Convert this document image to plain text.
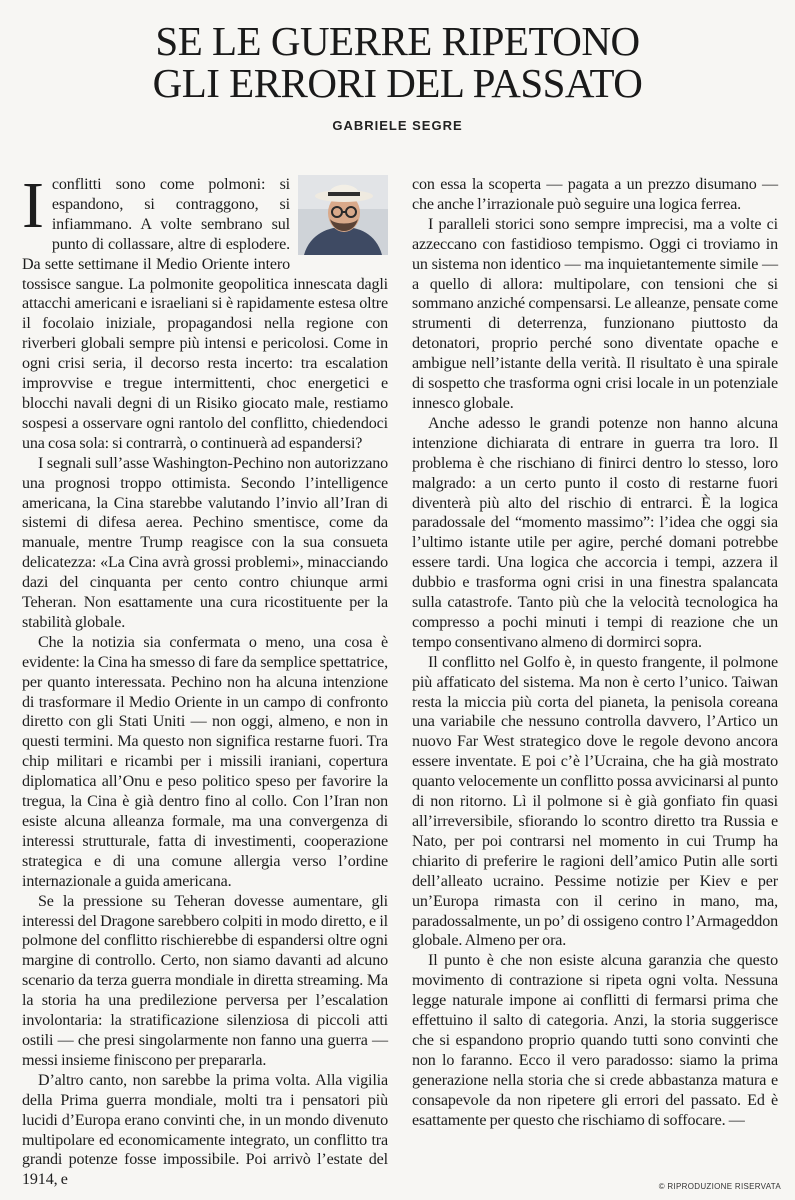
SE LE GUERRE RIPETONO
GLI ERRORI DEL PASSATO
GABRIELE SEGRE

I conflitti sono come polmoni: si espandono, si contraggono, si infiammano. A volte sembrano sul punto di collassare, altre di esplodere. Da sette settimane il Medio Oriente intero tossisce sangue. La polmonite geopolitica innescata dagli attacchi americani e israeliani si è rapidamente estesa oltre il focolaio iniziale, propagandosi nella regione con riverberi globali sempre più intensi e pericolosi. Come in ogni crisi seria, il decorso resta incerto: tra escalation improvvise e tregue intermittenti, choc energetici e blocchi navali degni di un Risiko giocato male, restiamo sospesi a osservare ogni rantolo del conflitto, chiedendoci una cosa sola: si contrarrà, o continuerà ad espandersi?

I segnali sull’asse Washington-Pechino non autorizzano una prognosi troppo ottimista. Secondo l’intelligence americana, la Cina starebbe valutando l’invio all’Iran di sistemi di difesa aerea. Pechino smentisce, come da manuale, mentre Trump reagisce con la sua consueta delicatezza: «La Cina avrà grossi problemi», minacciando dazi del cinquanta per cento contro chiunque armi Teheran. Non esattamente una cura ricostituente per la stabilità globale.

Che la notizia sia confermata o meno, una cosa è evidente: la Cina ha smesso di fare da semplice spettatrice, per quanto interessata. Pechino non ha alcuna intenzione di trasformare il Medio Oriente in un campo di confronto diretto con gli Stati Uniti — non oggi, almeno, e non in questi termini. Ma questo non significa restarne fuori. Tra chip militari e ricambi per i missili iraniani, copertura diplomatica all’Onu e peso politico speso per favorire la tregua, la Cina è già dentro fino al collo. Con l’Iran non esiste alcuna alleanza formale, ma una convergenza di interessi strutturale, fatta di investimenti, cooperazione strategica e di una comune allergia verso l’ordine internazionale a guida americana.

Se la pressione su Teheran dovesse aumentare, gli interessi del Dragone sarebbero colpiti in modo diretto, e il polmone del conflitto rischierebbe di espandersi oltre ogni margine di controllo. Certo, non siamo davanti ad alcuno scenario da terza guerra mondiale in diretta streaming. Ma la storia ha una predilezione perversa per l’escalation involontaria: la stratificazione silenziosa di piccoli atti ostili — che presi singolarmente non fanno una guerra — messi insieme finiscono per prepararla.

D’altro canto, non sarebbe la prima volta. Alla vigilia della Prima guerra mondiale, molti tra i pensatori più lucidi d’Europa erano convinti che, in un mondo divenuto multipolare ed economicamente integrato, un conflitto tra grandi potenze fosse impossibile. Poi arrivò l’estate del 1914, e

con essa la scoperta — pagata a un prezzo disumano — che anche l’irrazionale può seguire una logica ferrea.

I paralleli storici sono sempre imprecisi, ma a volte ci azzeccano con fastidioso tempismo. Oggi ci troviamo in un sistema non identico — ma inquietantemente simile — a quello di allora: multipolare, con tensioni che si sommano anziché compensarsi. Le alleanze, pensate come strumenti di deterrenza, funzionano piuttosto da detonatori, proprio perché sono diventate opache e ambigue nell’istante della verità. Il risultato è una spirale di sospetto che trasforma ogni crisi locale in un potenziale innesco globale.

Anche adesso le grandi potenze non hanno alcuna intenzione dichiarata di entrare in guerra tra loro. Il problema è che rischiano di finirci dentro lo stesso, loro malgrado: a un certo punto il costo di restarne fuori diventerà più alto del rischio di entrarci. È la logica paradossale del “momento massimo”: l’idea che oggi sia l’ultimo istante utile per agire, perché domani potrebbe essere tardi. Una logica che accorcia i tempi, azzera il dubbio e trasforma ogni crisi in una finestra spalancata sulla catastrofe. Tanto più che la velocità tecnologica ha compresso a pochi minuti i tempi di reazione che un tempo consentivano almeno di dormirci sopra.

Il conflitto nel Golfo è, in questo frangente, il polmone più affaticato del sistema. Ma non è certo l’unico. Taiwan resta la miccia più corta del pianeta, la penisola coreana una variabile che nessuno controlla davvero, l’Artico un nuovo Far West strategico dove le regole devono ancora essere inventate. E poi c’è l’Ucraina, che ha già mostrato quanto velocemente un conflitto possa avvicinarsi al punto di non ritorno. Lì il polmone si è già gonfiato fin quasi all’irreversibile, sfiorando lo scontro diretto tra Russia e Nato, per poi contrarsi nel momento in cui Trump ha chiarito di preferire le ragioni dell’amico Putin alle sorti dell’alleato ucraino. Pessime notizie per Kiev e per un’Europa rimasta con il cerino in mano, ma, paradossalmente, un po’ di ossigeno contro l’Armageddon globale. Almeno per ora.

Il punto è che non esiste alcuna garanzia che questo movimento di contrazione si ripeta ogni volta. Nessuna legge naturale impone ai conflitti di fermarsi prima che effettuino il salto di categoria. Anzi, la storia suggerisce che si espandono proprio quando tutti sono convinti che non lo faranno. Ecco il vero paradosso: siamo la prima generazione nella storia che si crede abbastanza matura e consapevole da non ripetere gli errori del passato. Ed è esattamente per questo che rischiamo di soffocare. —

© RIPRODUZIONE RISERVATA
